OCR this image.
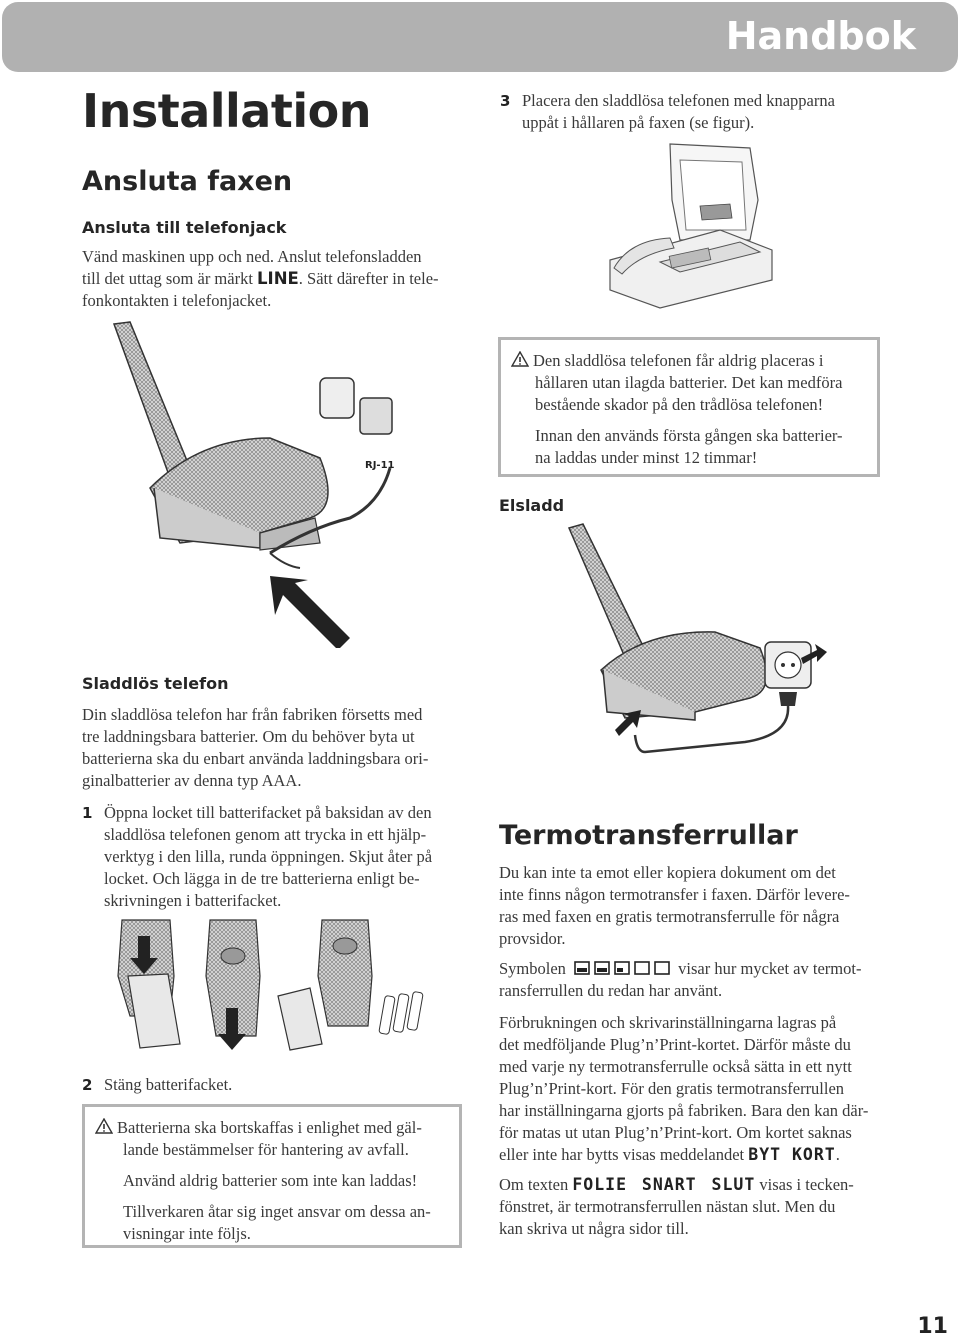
Handbok
Installation
Ansluta faxen
Ansluta till telefonjack
Vänd maskinen upp och ned. Anslut telefonsladden
till det uttag som är märkt LINE. Sätt därefter in tele-
fonkontakten i telefonjacket.
RJ-11
3 Placera den sladdlösa telefonen med knapparna
uppåt i hållaren på faxen (se figur).

Den sladdlösa telefonen får aldrig placeras i

hållaren utan ilagda batterier. Det kan medföra

bestående skador på den trådlösa telefonen!

Innan den används första gången ska batterier-

na laddas under minst 12 timmar!

Elsladd
Sladdlös telefon
Din sladdlösa telefon har från fabriken försetts med
tre laddningsbara batterier. Om du behöver byta ut
batterierna ska du enbart använda laddningsbara ori-
ginalbatterier av denna typ AAA.
1 Öppna locket till batterifacket på baksidan av den
sladdlösa telefonen genom att trycka in ett hjälp-
verktyg i den lilla, runda öppningen. Skjut åter på
locket. Och lägga in de tre batterierna enligt be-
skrivningen i batterifacket.
2 Stäng batterifacket.

Batterierna ska bortskaffas i enlighet med gäl-

lande bestämmelser för hantering av avfall.

Använd aldrig batterier som inte kan laddas!

Tillverkaren åtar sig inget ansvar om dessa an-

visningar inte följs.

Termotransferrullar
Du kan inte ta emot eller kopiera dokument om det
inte finns någon termotransfer i faxen. Därför levere-
ras med faxen en gratis termotransferrulle för några
provsidor.
Symbolen	visar hur mycket av termot-
ransferrullen du redan har använt.
Förbrukningen och skrivarinställningarna lagras på
det medföljande Plug’n’Print-kortet. Därför måste du
med varje ny termotransferrulle också sätta in ett nytt
Plug’n’Print-kort. För den gratis termotransferrullen
har inställningarna gjorts på fabriken. Bara den kan där-
för matas ut utan Plug’n’Print-kort. Om kortet saknas
eller inte har bytts visas meddelandet BYT KORT.
Om texten FOLIE SNART SLUT visas i tecken-
fönstret, är termotransferrullen nästan slut. Men du
kan skriva ut några sidor till.
11
